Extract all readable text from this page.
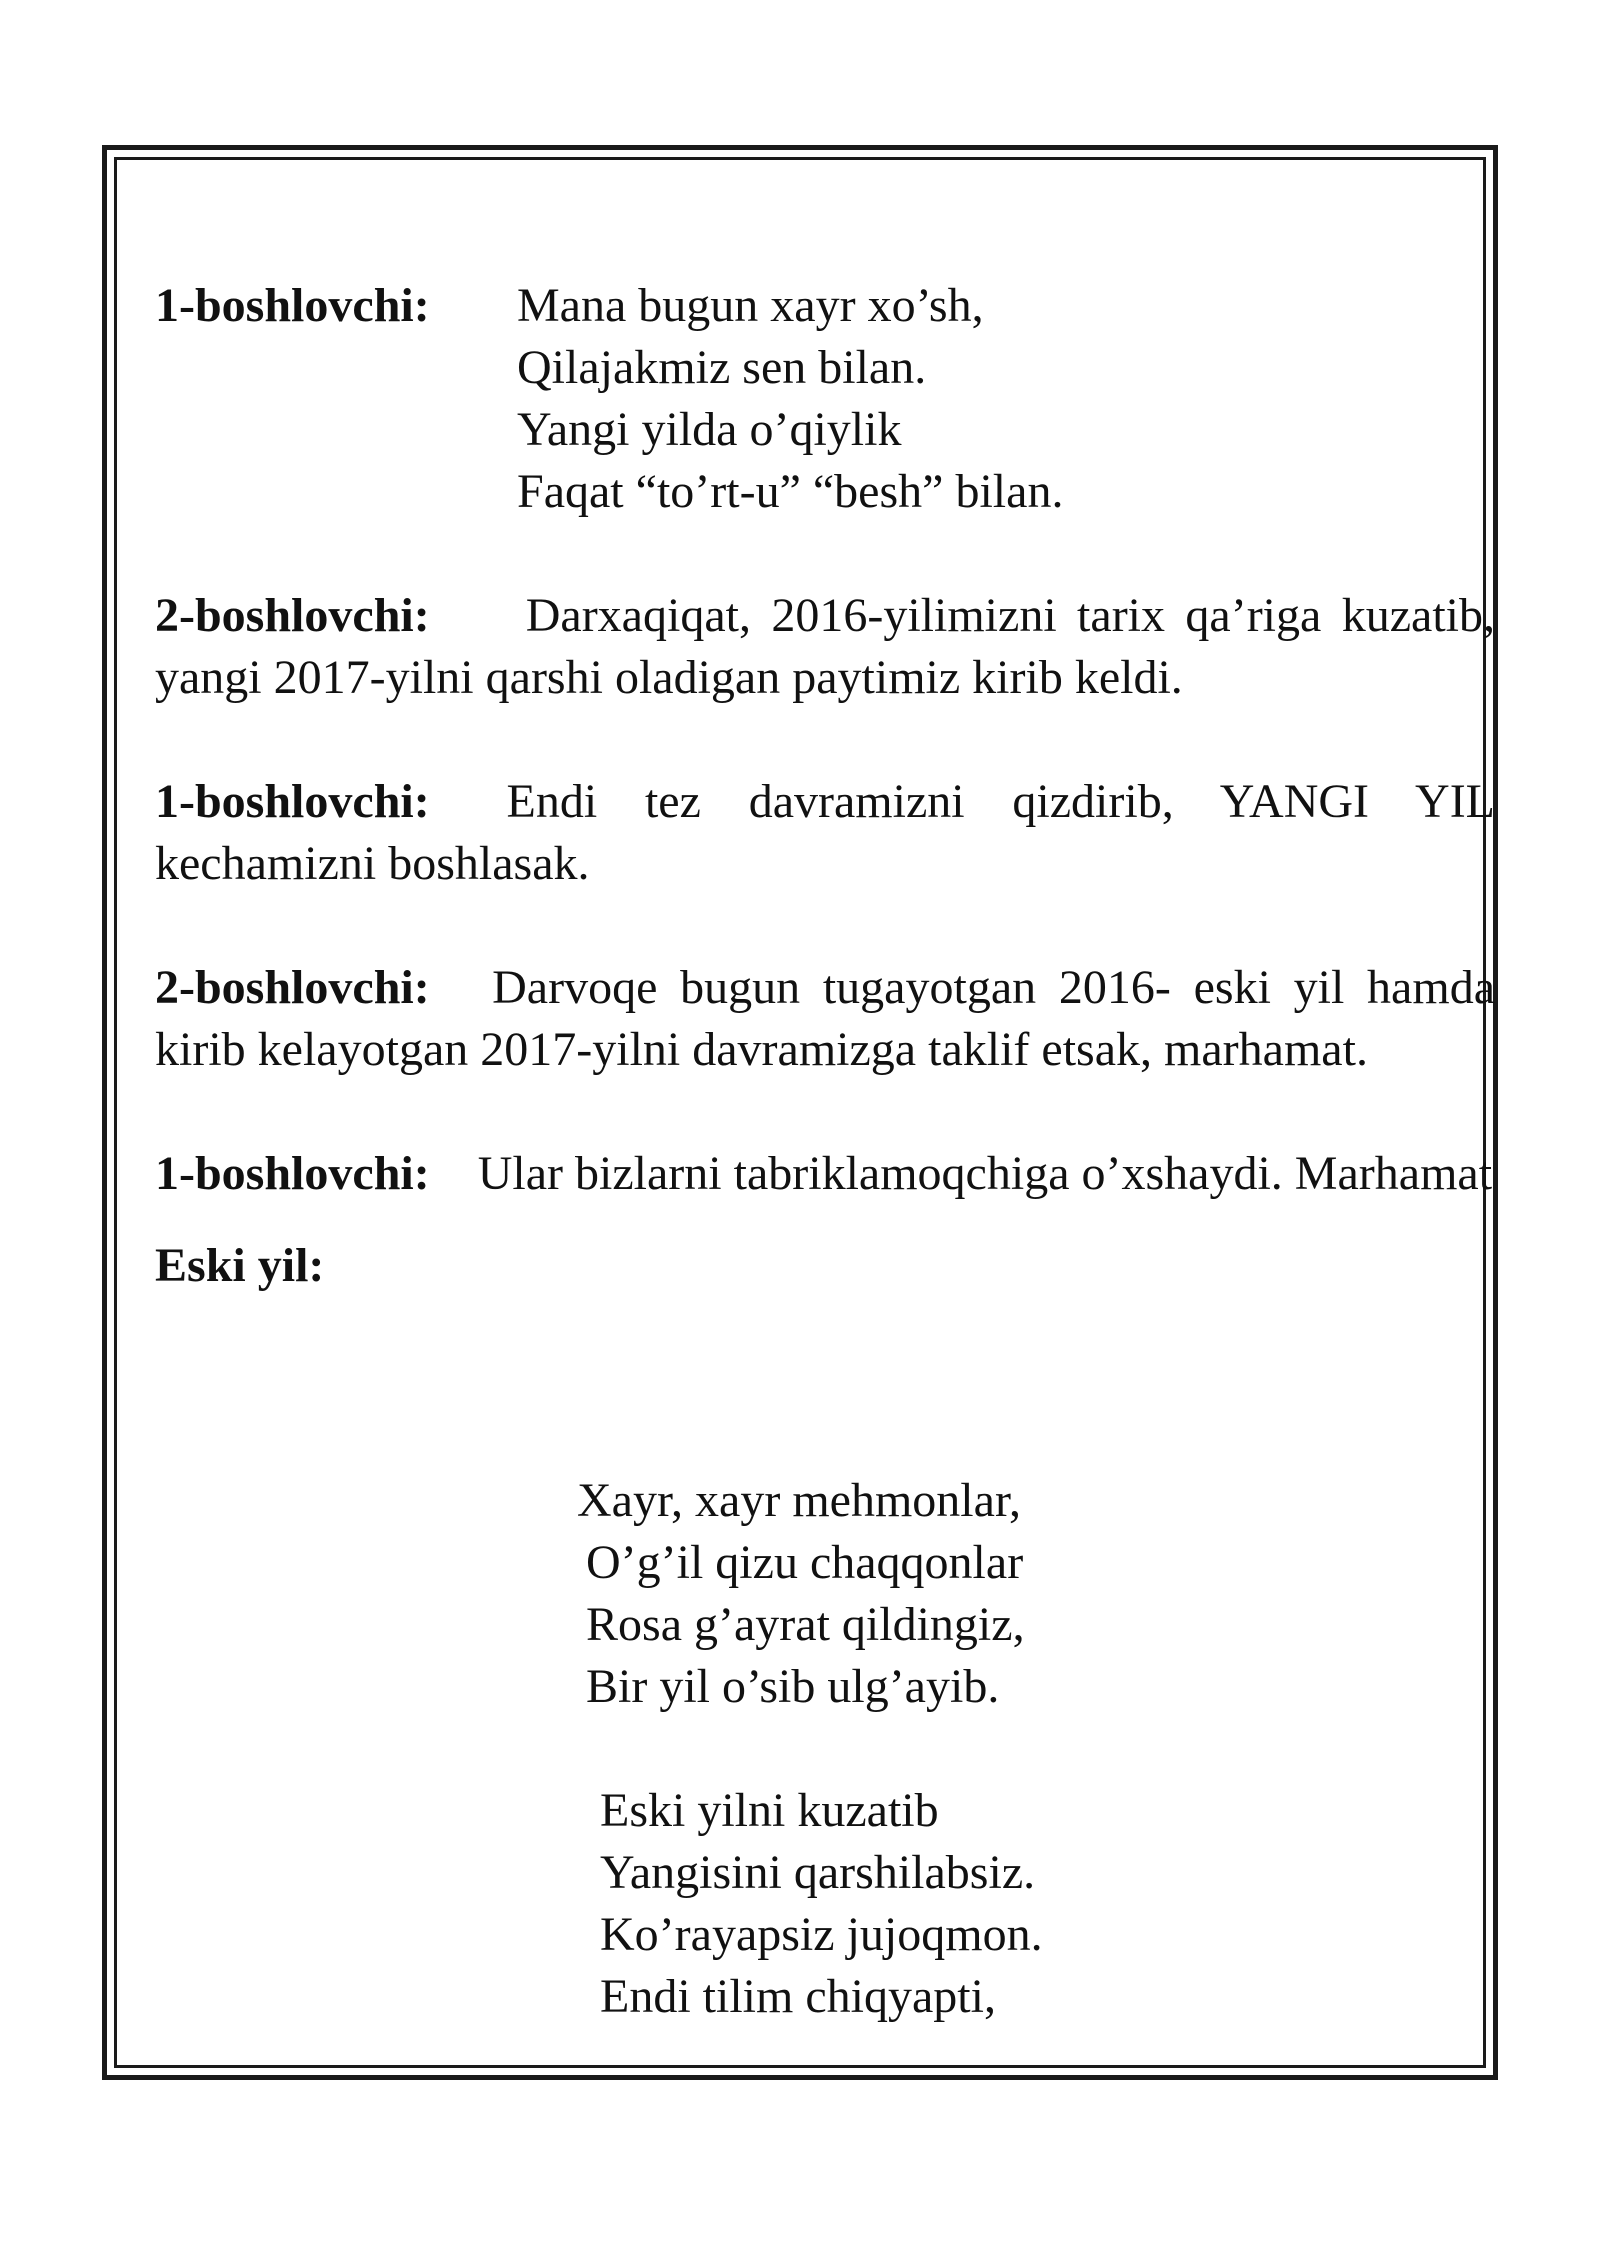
1-boshlovchi:	Mana bugun xayr xo’sh,
Qilajakmiz sen bilan.
Yangi yilda o’qiylik
Faqat “to’rt-u” “besh” bilan.

2-boshlovchi: Darxaqiqat, 2016-yilimizni tarix qa’riga kuzatib, yangi 2017-yilni qarshi oladigan paytimiz kirib keldi.

1-boshlovchi: Endi tez davramizni qizdirib, YANGI YIL kechamizni boshlasak.

2-boshlovchi: Darvoqe bugun tugayotgan 2016- eski yil hamda kirib kelayotgan 2017-yilni davramizga taklif etsak, marhamat.

1-boshlovchi: Ular bizlarni tabriklamoqchiga o’xshaydi. Marhamat

Eski yil:
Xayr, xayr mehmonlar,
O’g’il qizu chaqqonlar
Rosa g’ayrat qildingiz,
Bir yil o’sib ulg’ayib.
Eski yilni kuzatib
Yangisini qarshilabsiz.
Ko’rayapsiz jujoqmon.
Endi tilim chiqyapti,
